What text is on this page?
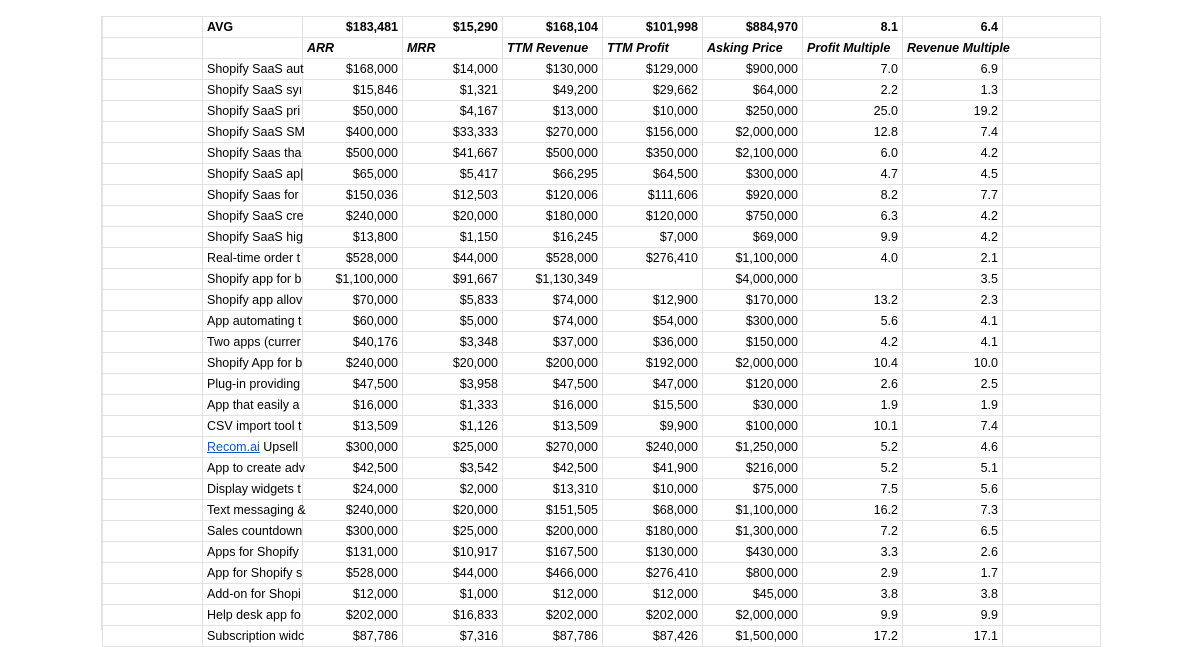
	AVG	$183,481	$15,290	$168,104	$101,998	$884,970	8.1	6.4	
		ARR	MRR	TTM Revenue	TTM Profit	Asking Price	Profit Multiple	Revenue Multiple	
	Shopify SaaS aut	$168,000	$14,000	$130,000	$129,000	$900,000	7.0	6.9	
	Shopify SaaS syı	$15,846	$1,321	$49,200	$29,662	$64,000	2.2	1.3	
	Shopify SaaS pri	$50,000	$4,167	$13,000	$10,000	$250,000	25.0	19.2	
	Shopify SaaS SM	$400,000	$33,333	$270,000	$156,000	$2,000,000	12.8	7.4	
	Shopify Saas tha	$500,000	$41,667	$500,000	$350,000	$2,100,000	6.0	4.2	
	Shopify SaaS ap|	$65,000	$5,417	$66,295	$64,500	$300,000	4.7	4.5	
	Shopify Saas for	$150,036	$12,503	$120,006	$111,606	$920,000	8.2	7.7	
	Shopify SaaS cre	$240,000	$20,000	$180,000	$120,000	$750,000	6.3	4.2	
	Shopify SaaS hig	$13,800	$1,150	$16,245	$7,000	$69,000	9.9	4.2	
	Real-time order t	$528,000	$44,000	$528,000	$276,410	$1,100,000	4.0	2.1	
	Shopify app for b	$1,100,000	$91,667	$1,130,349		$4,000,000		3.5	
	Shopify app allov	$70,000	$5,833	$74,000	$12,900	$170,000	13.2	2.3	
	App automating t	$60,000	$5,000	$74,000	$54,000	$300,000	5.6	4.1	
	Two apps (currer	$40,176	$3,348	$37,000	$36,000	$150,000	4.2	4.1	
	Shopify App for b	$240,000	$20,000	$200,000	$192,000	$2,000,000	10.4	10.0	
	Plug-in providing	$47,500	$3,958	$47,500	$47,000	$120,000	2.6	2.5	
	App that easily a	$16,000	$1,333	$16,000	$15,500	$30,000	1.9	1.9	
	CSV import tool t	$13,509	$1,126	$13,509	$9,900	$100,000	10.1	7.4	
	Recom.ai Upsell	$300,000	$25,000	$270,000	$240,000	$1,250,000	5.2	4.6	
	App to create adv	$42,500	$3,542	$42,500	$41,900	$216,000	5.2	5.1	
	Display widgets t	$24,000	$2,000	$13,310	$10,000	$75,000	7.5	5.6	
	Text messaging &	$240,000	$20,000	$151,505	$68,000	$1,100,000	16.2	7.3	
	Sales countdown	$300,000	$25,000	$200,000	$180,000	$1,300,000	7.2	6.5	
	Apps for Shopify	$131,000	$10,917	$167,500	$130,000	$430,000	3.3	2.6	
	App for Shopify s	$528,000	$44,000	$466,000	$276,410	$800,000	2.9	1.7	
	Add-on for Shopi	$12,000	$1,000	$12,000	$12,000	$45,000	3.8	3.8	
	Help desk app fo	$202,000	$16,833	$202,000	$202,000	$2,000,000	9.9	9.9	
	Subscription widc	$87,786	$7,316	$87,786	$87,426	$1,500,000	17.2	17.1	
